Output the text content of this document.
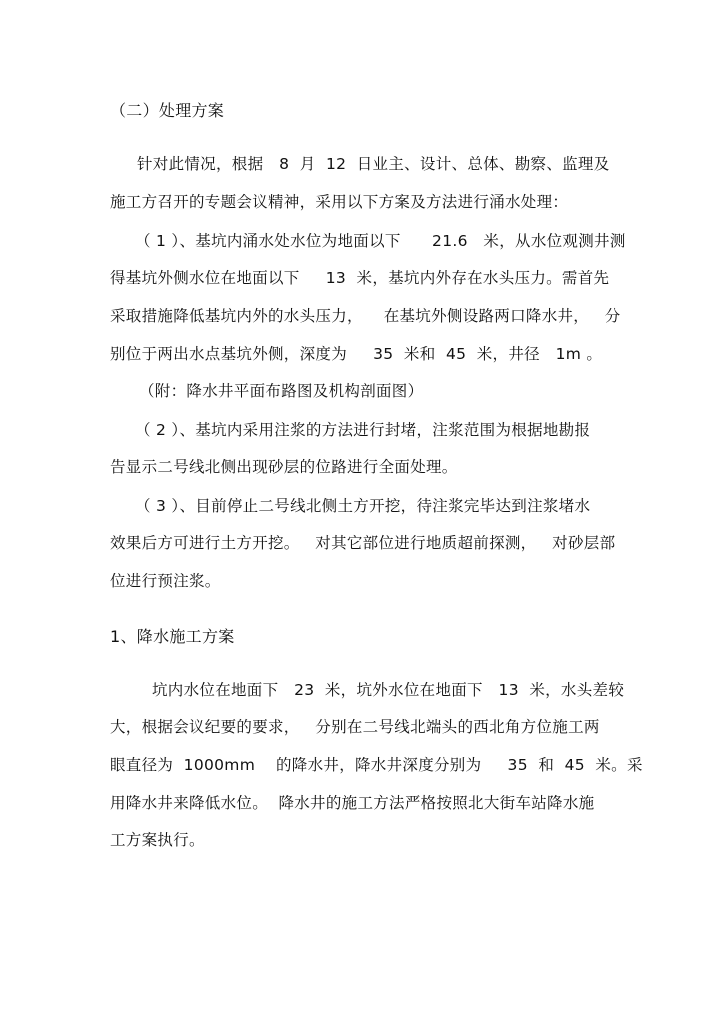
（二）处理方案
针对此情况，根据   8  月  12  日业主、设计、总体、勘察、监理及
施工方召开的专题会议精神，采用以下方案及方法进行涌水处理：
（ 1 ）、基坑内涌水处水位为地面以下      21.6   米，从水位观测井测
得基坑外侧水位在地面以下     13  米，基坑内外存在水头压力。需首先
采取措施降低基坑内外的水头压力，    在基坑外侧设路两口降水井，   分
别位于两出水点基坑外侧，深度为     35  米和  45  米，井径   1m 。
（附：降水井平面布路图及机构剖面图）
（ 2 ）、基坑内采用注浆的方法进行封堵，注浆范围为根据地勘报
告显示二号线北侧出现砂层的位路进行全面处理。
（ 3 ）、目前停止二号线北侧土方开挖，待注浆完毕达到注浆堵水
效果后方可进行土方开挖。   对其它部位进行地质超前探测，   对砂层部
位进行预注浆。
1、降水施工方案
坑内水位在地面下   23  米，坑外水位在地面下   13  米，水头差较
大，根据会议纪要的要求，   分别在二号线北端头的西北角方位施工两
眼直径为  1000mm    的降水井，降水井深度分别为     35  和  45  米。采
用降水井来降低水位。  降水井的施工方法严格按照北大街车站降水施
工方案执行。
